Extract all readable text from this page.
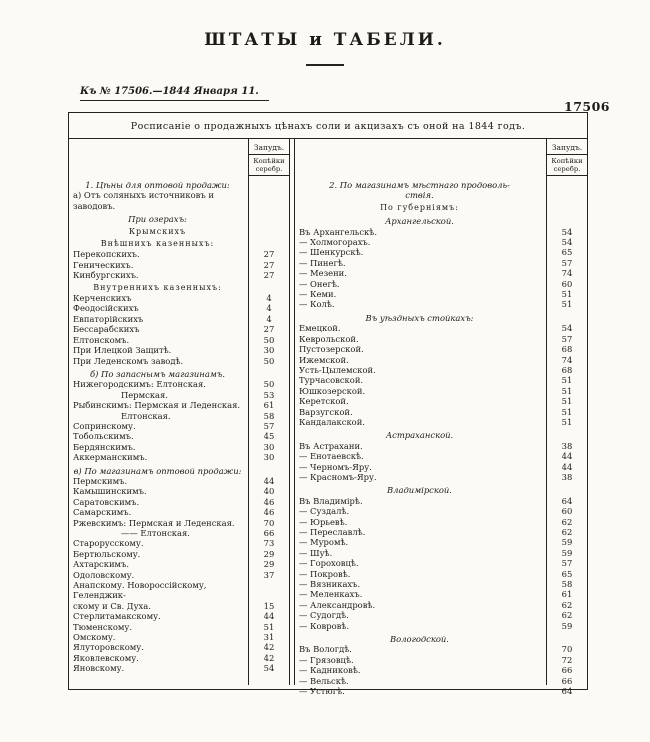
ШТАТЫ и ТАБЕЛИ.
Къ № 17506.—1844 Января 11.
17506
Росписаніе о продажныхъ цѣнахъ соли и акцизахъ съ оной на 1844 годъ.
Запудъ.
Копѣйки серебр.
1. Цѣны для оптовой продажи:
а) Отъ соляныхъ источниковъ и заводовъ.
При озерахъ:
Крымскихъ
Внѣшнихъ казенныхъ:
Перекопскихъ.	27
Геническихъ.	27
Кинбургскихъ.	27
Внутреннихъ казенныхъ:
Керченскихъ	4
Феодосійскихъ	4
Евпаторійскихъ	4
Бессарабскихъ	27
Елтонскомъ.	50
При Илецкой Защитѣ.	30
При Леденскомъ заводѣ.	50
б) По запаснымъ магазинамъ.
Нижегородскимъ: Елтонская.	50
Пермская.	53
Рыбинскимъ: Пермская и Леденская.	61
Елтонская.	58
Сопринскому.	57
Тобольскимъ.	45
Бердянскимъ.	30
Аккерманскимъ.	30
в) По магазинамъ оптовой продажи:
Пермскимъ.	44
Камышинскимъ.	40
Саратовскимъ.	46
Самарскимъ.	46
Ржевскимъ: Пермская и Леденская.	70
—— Елтонская.	66
Старорусскому.	73
Бертюльскому.	29
Ахтарскимъ.	29
Одоловскому.	37
Анапскому. Новороссійскому, Геленджик-
скому и Св. Духа.	15
Стерлитамакскому.	44
Тюменскому.	51
Омскому.	31
Ялуторовскому.	42
Яковлевскому.	42
Яновскому.	54
Запудъ.
Копѣйки серебр.
2. По магазинамъ мѣстнаго продоволь-
ствія.
По губерніямъ:
Архангельской.
Въ Архангельскѣ.	54
— Холмогорахъ.	54
— Шенкурскѣ.	65
— Пинегѣ.	57
— Мезени.	74
— Онегѣ.	60
— Кеми.	51
— Колѣ.	51
Въ уѣздныхъ стойкахъ:
Емецкой.	54
Кеврольской.	57
Пустозерской.	68
Ижемской.	74
Усть-Цылемской.	68
Турчасовской.	51
Юшкозерской.	51
Керетской.	51
Варзугской.	51
Кандалакской.	51
Астраханской.
Въ Астрахани.	38
— Енотаевскѣ.	44
— Черномъ-Яру.	44
— Красномъ-Яру.	38
Владимірской.
Въ Владимірѣ.	64
— Суздалѣ.	60
— Юрьевѣ.	62
— Переславлѣ.	62
— Муромѣ.	59
— Шуѣ.	59
— Гороховцѣ.	57
— Покровѣ.	65
— Вязникахъ.	58
— Меленкахъ.	61
— Александровѣ.	62
— Судогдѣ.	62
— Ковровѣ.	59
Вологодской.
Въ Вологдѣ.	70
— Грязовцѣ.	72
— Кадниковѣ.	66
— Вельскѣ.	66
— Устюгѣ.	64
